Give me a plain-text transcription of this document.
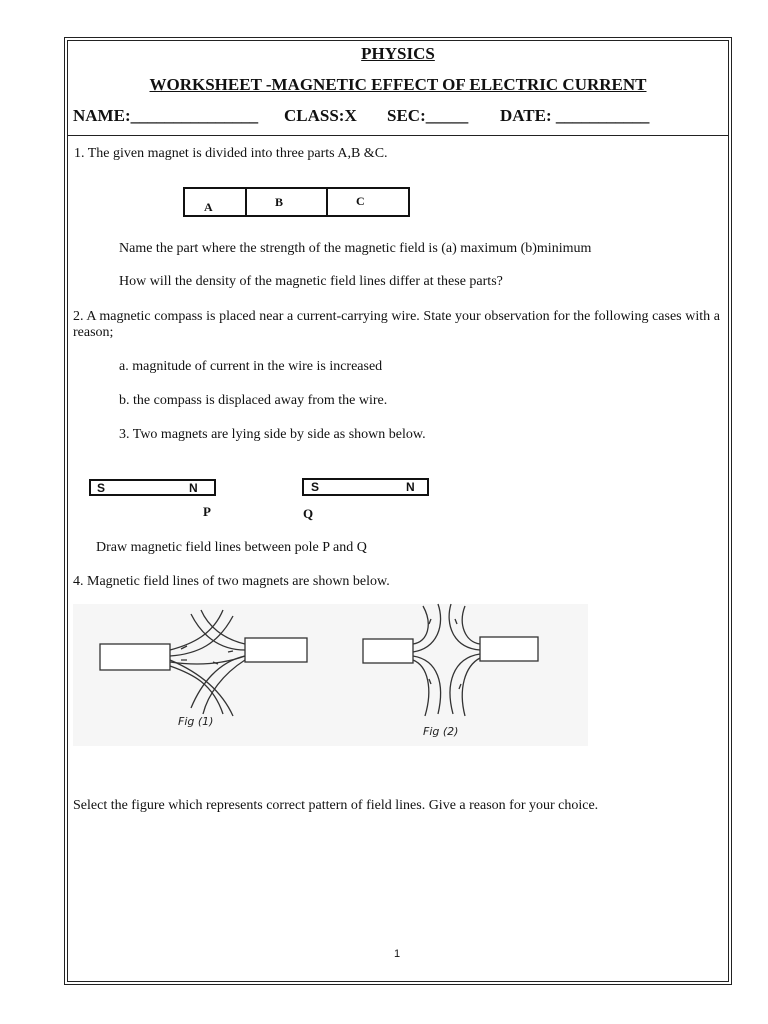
PHYSICS
WORKSHEET -MAGNETIC EFFECT OF ELECTRIC CURRENT
NAME:_______________ CLASS:X SEC:_____ DATE: ___________
1. The given magnet is divided into three parts A,B &C.
A	B	C
Name the part where the strength of the magnetic field is (a) maximum (b)minimum
How will the density of the magnetic field lines differ at these parts?
2. A magnetic compass is placed near a current-carrying wire. State your observation for the following cases with a reason;
a. magnitude of current in the wire is increased
b. the compass is displaced away from the wire.
3. Two magnets are lying side by side as shown below.
S	N
P
S	N
Q
Draw magnetic field lines between pole P and Q
4. Magnetic field lines of two magnets are shown below.
Fig (1)
Fig (2)
Select the figure which represents correct pattern of field lines. Give a reason for your choice.
1
